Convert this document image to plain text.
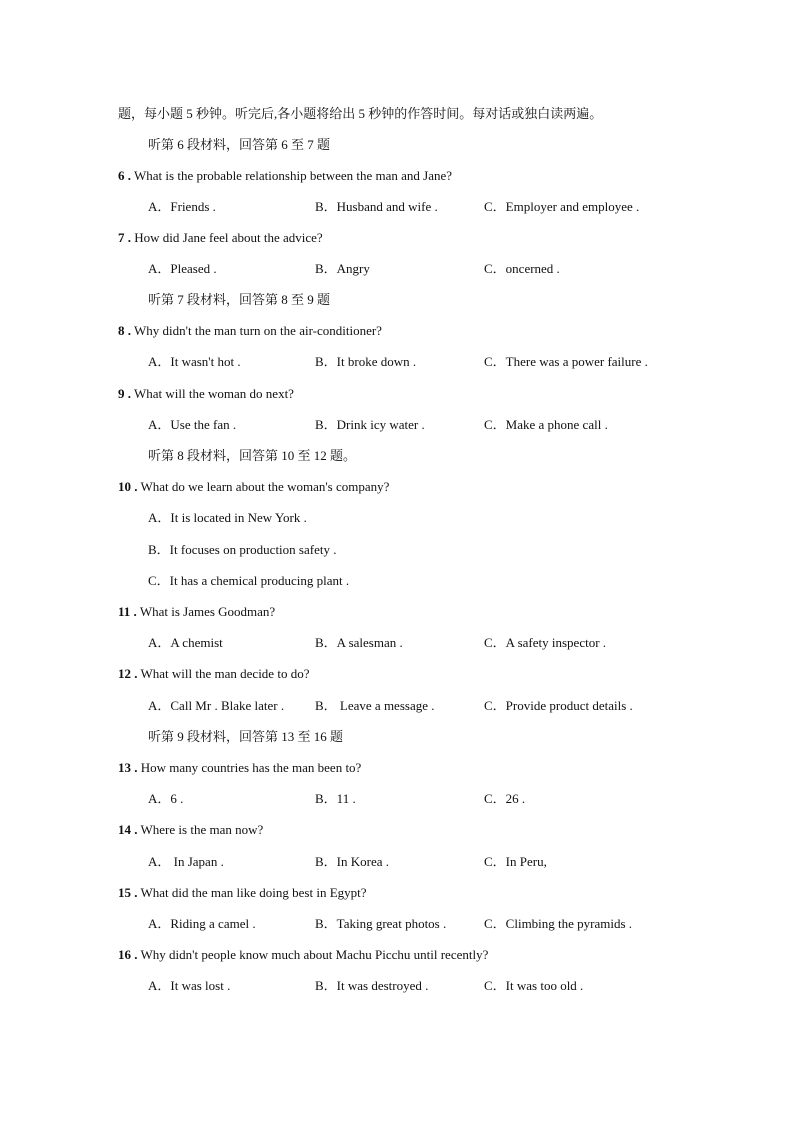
题，每小题 5 秒钟。听完后,各小题将给出 5 秒钟的作答时间。每对话或独白读两遍。
听第 6 段材料，回答第 6 至 7 题
6 . What is the probable relationship between the man and Jane?
A．Friends .	B．Husband and wife .	C．Employer and employee .
7 . How did Jane feel about the advice?
A．Pleased .	B．Angry	C．oncerned .
听第 7 段材料，回答第 8 至 9 题
8 . Why didn't the man turn on the air-conditioner?
A．It wasn't hot .	B．It broke down .	C．There was a power failure .
9 . What will the woman do next?
A．Use the fan .	B．Drink icy water .	C．Make a phone call .
听第 8 段材料，回答第 10 至 12 题。
10 . What do we learn about the woman's company?
A．It is located in New York .
B．It focuses on production safety .
C．It has a chemical producing plant .
11 . What is James Goodman?
A．A chemist	B．A salesman .	C．A safety inspector .
12 . What will the man decide to do?
A．Call Mr . Blake later . B． Leave a message .	C．Provide product details .
听第 9 段材料，回答第 13 至 16 题
13 . How many countries has the man been to?
A．6 .	B．11 .	C．26 .
14 . Where is the man now?
A． In Japan .	B．In Korea .	C．In Peru,
15 . What did the man like doing best in Egypt?
A．Riding a camel .	B．Taking great photos .	C．Climbing the pyramids .
16 . Why didn't people know much about Machu Picchu until recently?
A．It was lost .	B．It was destroyed .	C．It was too old .
